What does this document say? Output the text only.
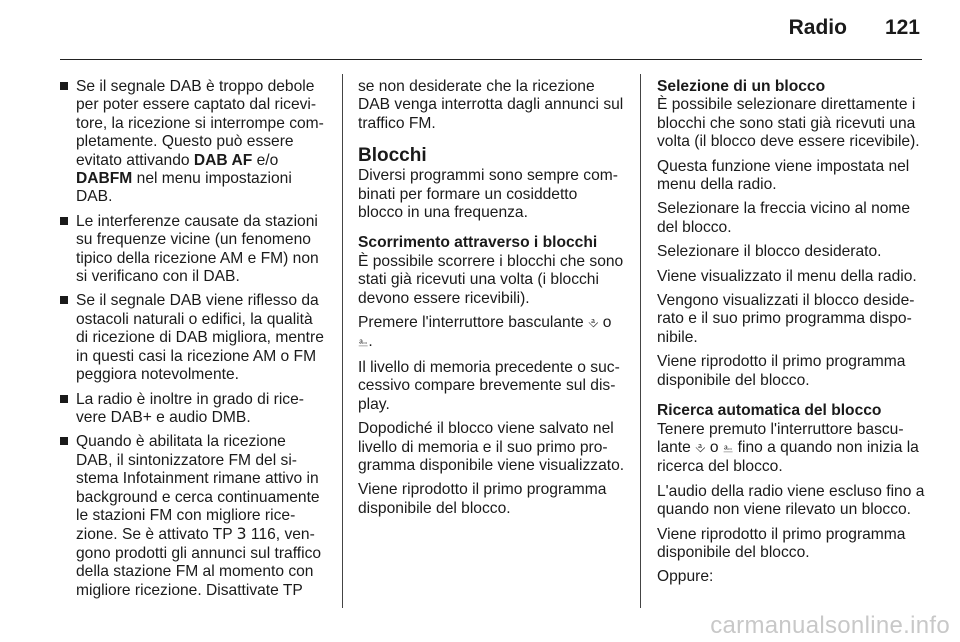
Radio 121
Se il segnale DAB è troppo debole per poter essere captato dal ricevitore, la ricezione si interrompe completamente. Questo può essere evitato attivando DAB AF e/o DABFM nel menu impostazioni DAB.
Le interferenze causate da stazioni su frequenze vicine (un fenomeno tipico della ricezione AM e FM) non si verificano con il DAB.
Se il segnale DAB viene riflesso da ostacoli naturali o edifici, la qualità di ricezione di DAB migliora, mentre in questi casi la ricezione AM o FM peggiora notevolmente.
La radio è inoltre in grado di ricevere DAB+ e audio DMB.
Quando è abilitata la ricezione DAB, il sintonizzatore FM del sistema Infotainment rimane attivo in background e cerca continuamente le stazioni FM con migliore ricezione. Se è attivato TP 3 116, vengono prodotti gli annunci sul traffico della stazione FM al momento con migliore ricezione. Disattivate TP

se non desiderate che la ricezione DAB venga interrotta dagli annunci sul traffico FM.

Blocchi

Diversi programmi sono sempre combinati per formare un cosiddetto blocco in una frequenza.

Scorrimento attraverso i blocchi

È possibile scorrere i blocchi che sono stati già ricevuti una volta (i blocchi devono essere ricevibili).

Premere l'interruttore basculante ⎀ o ⎁.

Il livello di memoria precedente o successivo compare brevemente sul display.

Dopodiché il blocco viene salvato nel livello di memoria e il suo primo programma disponibile viene visualizzato.

Viene riprodotto il primo programma disponibile del blocco.

Selezione di un blocco

È possibile selezionare direttamente i blocchi che sono stati già ricevuti una volta (il blocco deve essere ricevibile).

Questa funzione viene impostata nel menu della radio.

Selezionare la freccia vicino al nome del blocco.

Selezionare il blocco desiderato.

Viene visualizzato il menu della radio.

Vengono visualizzati il blocco desiderato e il suo primo programma disponibile.

Viene riprodotto il primo programma disponibile del blocco.

Ricerca automatica del blocco

Tenere premuto l'interruttore basculante ⎀ o ⎁ fino a quando non inizia la ricerca del blocco.

L'audio della radio viene escluso fino a quando non viene rilevato un blocco.

Viene riprodotto il primo programma disponibile del blocco.

Oppure:

carmanualsonline.info
